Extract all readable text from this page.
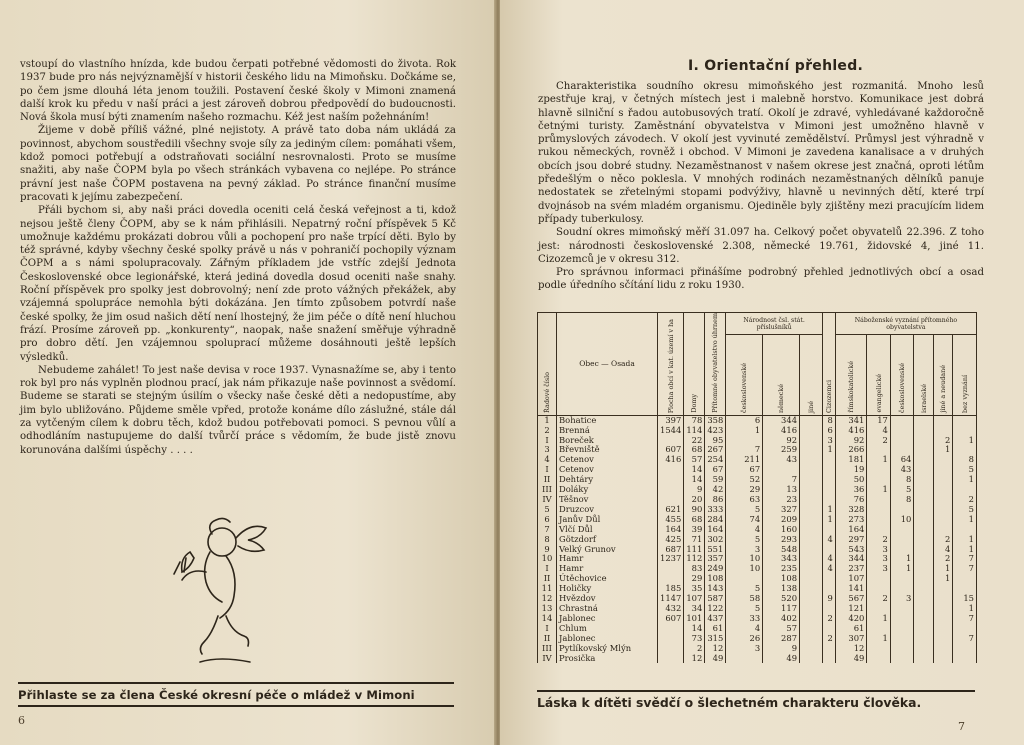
vstoupí do vlastního hnízda, kde budou čerpati potřebné vědomosti do života. Rok 1937 bude pro nás nejvýznamější v historii českého lidu na Mimoňsku. Dočkáme se, po čem jsme dlouhá léta jenom toužili. Postavení české školy v Mimoni znamená další krok ku předu v naší práci a jest zároveň dobrou předpovědí do budoucnosti. Nová škola musí býti znamením našeho rozmachu. Kéž jest naším požehnáním!

Žijeme v době příliš vážné, plné nejistoty. A právě tato doba nám ukládá za povinnost, abychom soustředili všechny svoje síly za jediným cílem: pomáhati všem, kdož pomoci potřebují a odstraňovati sociální nesrovnalosti. Proto se musíme snažiti, aby naše ČOPM byla po všech stránkách vybavena co nejlépe. Po stránce právní jest naše ČOPM postavena na pevný základ. Po stránce finanční musíme pracovati k jejímu zabezpečení.

Přáli bychom si, aby naši práci dovedla oceniti celá česká veřejnost a ti, kdož nejsou ještě členy ČOPM, aby se k nám přihlásili. Nepatrný roční příspěvek 5 Kč umožnuje každému prokázati dobrou vůli a pochopení pro naše trpící děti. Bylo by též správné, kdyby všechny české spolky právě u nás v pohraničí pochopily význam ČOPM a s námi spolupracovaly. Zářným příkladem jde vstříc zdejší Jednota Československé obce legionářské, která jediná dovedla dosud oceniti naše snahy. Roční příspěvek pro spolky jest dobrovolný; není zde proto vážných překážek, aby vzájemná spolupráce nemohla býti dokázána. Jen tímto způsobem potvrdí naše české spolky, že jim osud našich dětí není lhostejný, že jim péče o dítě není hluchou frází. Prosíme zároveň pp. „konkurenty“, naopak, naše snažení směřuje výhradně pro dobro dětí. Jen vzájemnou spoluprací můžeme dosáhnouti ještě lepších výsledků.

Nebudeme zahálet! To jest naše devisa v roce 1937. Vynasnažíme se, aby i tento rok byl pro nás vyplněn plodnou prací, jak nám přikazuje naše povinnost a svědomí. Budeme se starati se stejným úsilím o všecky naše české děti a nedopustíme, aby jim bylo ubližováno. Půjdeme směle vpřed, protože konáme dílo záslužné, stále dál za vytčeným cílem k dobru těch, kdož budou potřebovati pomoci. S pevnou vůlí a odhodláním nastupujeme do další tvůrčí práce s vědomím, že bude jistě znovu korunována dalšími úspěchy . . . .

Přihlaste se za člena České okresní péče o mládež v Mimoni
6
I. Orientační přehled.

Charakteristika soudního okresu mimoňského jest rozmanitá. Mnoho lesů zpestřuje kraj, v četných místech jest i malebně horstvo. Komunikace jest dobrá hlavně silniční s řadou autobusových tratí. Okolí je zdravé, vyhledávané každoročně četnými turisty. Zaměstnání obyvatelstva v Mimoni jest umožněno hlavně v průmyslových závodech. V okolí jest vyvinuté zemědělství. Průmysl jest výhradně v rukou německých, rovněž i obchod. V Mimoni je zavedena kanalisace a v druhých obcích jsou dobré studny. Nezaměstnanost v našem okrese jest značná, oproti létům předešlým o něco poklesla. V mnohých rodinách nezaměstnaných dělníků panuje nedostatek se zřetelnými stopami podvýživy, hlavně u nevinných dětí, které trpí dvojnásob na svém mladém organismu. Ojediněle byly zjištěny mezi pracujícím lidem případy tuberkulosy.

Soudní okres mimoňský měří 31.097 ha. Celkový počet obyvatelů 22.396. Z toho jest: národnosti československé 2.308, německé 19.761, židovské 4, jiné 11. Cizozemců je v okresu 312.

Pro správnou informaci přinášíme podrobný přehled jednotlivých obcí a osad podle úředního sčítání lidu z roku 1930.

7
Řadové číslo	Obec — Osada	Plocha obcí v kat. území v ha	Domy	Přítomné obyvatelstvo úhrnem	Národnost čsl. stát. příslušníků			Cizozemci	Náboženské vyznání přítomného obyvatelstva					
					československé	německé	jiné		římskokatolické	evangelické	československé	israelské	jiné a neudané	bez vyznání
1	Bohatice	397	78	358	6	344		8	341	17				
2	Brenná	1544	114	423	1	416		6	416	4				
I	Boreček		22	95		92		3	92	2			2	1
3	Břevniště	607	68	267	7	259		1	266				1	
4	Cetenov	416	57	254	211	43			181	1	64			8
I	Cetenov		14	67	67				19		43			5
II	Dehtáry		14	59	52	7			50		8			1
III	Doláky		9	42	29	13			36	1	5			
IV	Těšnov		20	86	63	23			76		8			2
5	Druzcov	621	90	333	5	327		1	328					5
6	Janův Důl	455	68	284	74	209		1	273		10			1
7	Vlčí Důl	164	39	164	4	160			164					
8	Götzdorf	425	71	302	5	293		4	297	2			2	1
9	Velký Grunov	687	111	551	3	548			543	3			4	1
10	Hamr	1237	112	357	10	343		4	344	3	1		2	7
I	Hamr		83	249	10	235		4	237	3	1		1	7
II	Útěchovice		29	108		108			107				1	
11	Holičky	185	35	143	5	138			141					
12	Hvězdov	1147	107	587	58	520		9	567	2	3			15
13	Chrastná	432	34	122	5	117			121					1
14	Jablonec	607	101	437	33	402		2	420	1				7
I	Chlum		14	61	4	57			61					
II	Jablonec		73	315	26	287		2	307	1				7
III	Pytlíkovský Mlýn		2	12	3	9			12					
IV	Prosička		12	49		49			49					
Láska k dítěti svědčí o šlechetném charakteru člověka.
